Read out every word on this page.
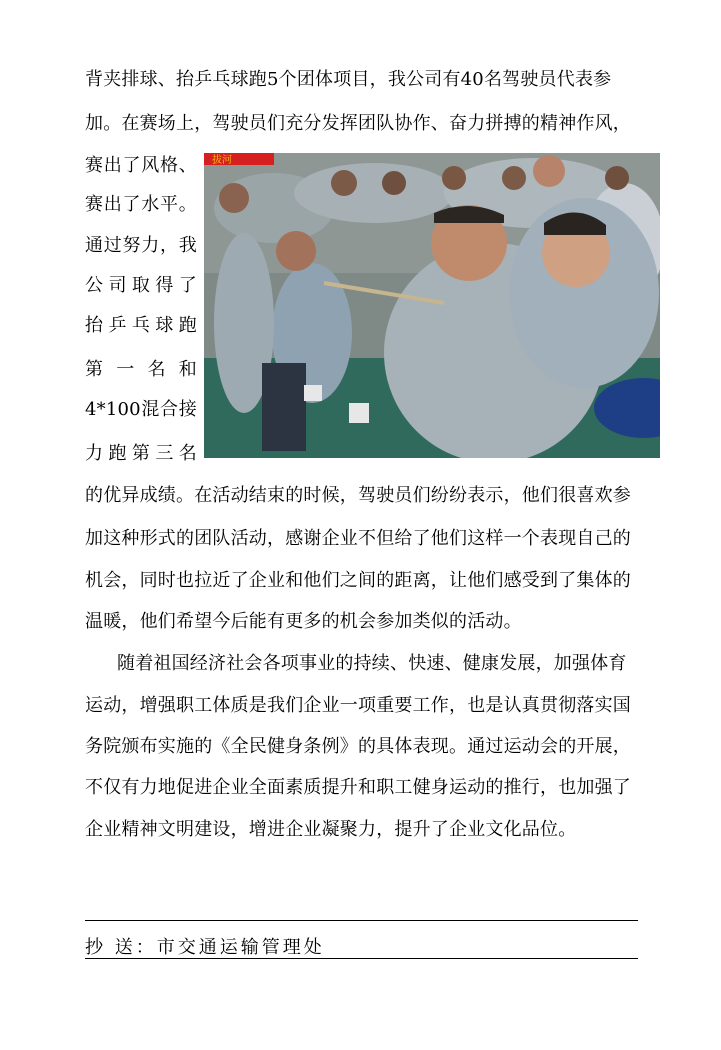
背夹排球、抬乒乓球跑5个团体项目，我公司有40名驾驶员代表参
加。在赛场上，驾驶员们充分发挥团队协作、奋力拼搏的精神作风，
赛出了风格、
赛出了水平。
通过努力，我
公司取得了
抬乒乓球跑
第 一 名 和
4*100混合接
力跑第三名
拔河
的优异成绩。在活动结束的时候，驾驶员们纷纷表示，他们很喜欢参
加这种形式的团队活动，感谢企业不但给了他们这样一个表现自己的
机会，同时也拉近了企业和他们之间的距离，让他们感受到了集体的
温暖，他们希望今后能有更多的机会参加类似的活动。
随着祖国经济社会各项事业的持续、快速、健康发展，加强体育
运动，增强职工体质是我们企业一项重要工作，也是认真贯彻落实国
务院颁布实施的《全民健身条例》的具体表现。通过运动会的开展，
不仅有力地促进企业全面素质提升和职工健身运动的推行，也加强了
企业精神文明建设，增进企业凝聚力，提升了企业文化品位。
抄 送：市交通运输管理处
